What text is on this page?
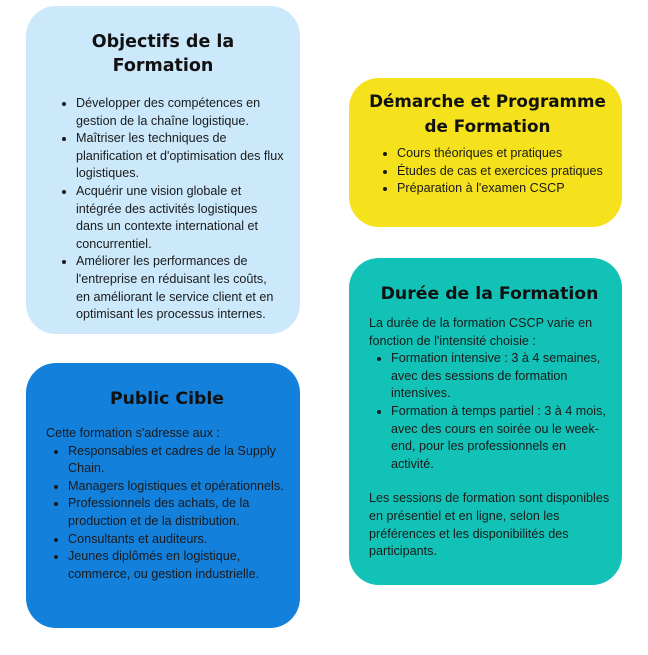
Objectifs de la Formation
• Développer des compétences en gestion de la chaîne logistique.
• Maîtriser les techniques de planification et d'optimisation des flux logistiques.
• Acquérir une vision globale et intégrée des activités logistiques dans un contexte international et concurrentiel.
• Améliorer les performances de l'entreprise en réduisant les coûts, en améliorant le service client et en optimisant les processus internes.
Démarche et Programme de Formation
• Cours théoriques et pratiques
• Études de cas et exercices pratiques
• Préparation à l'examen CSCP
Durée de la Formation

La durée de la formation CSCP varie en fonction de l'intensité choisie :

• Formation intensive : 3 à 4 semaines, avec des sessions de formation intensives.
• Formation à temps partiel : 3 à 4 mois, avec des cours en soirée ou le week-end, pour les professionnels en activité.

Les sessions de formation sont disponibles en présentiel et en ligne, selon les préférences et les disponibilités des participants.

Public Cible

Cette formation s'adresse aux :

• Responsables et cadres de la Supply Chain.
• Managers logistiques et opérationnels.
• Professionnels des achats, de la production et de la distribution.
• Consultants et auditeurs.
• Jeunes diplômés en logistique, commerce, ou gestion industrielle.
